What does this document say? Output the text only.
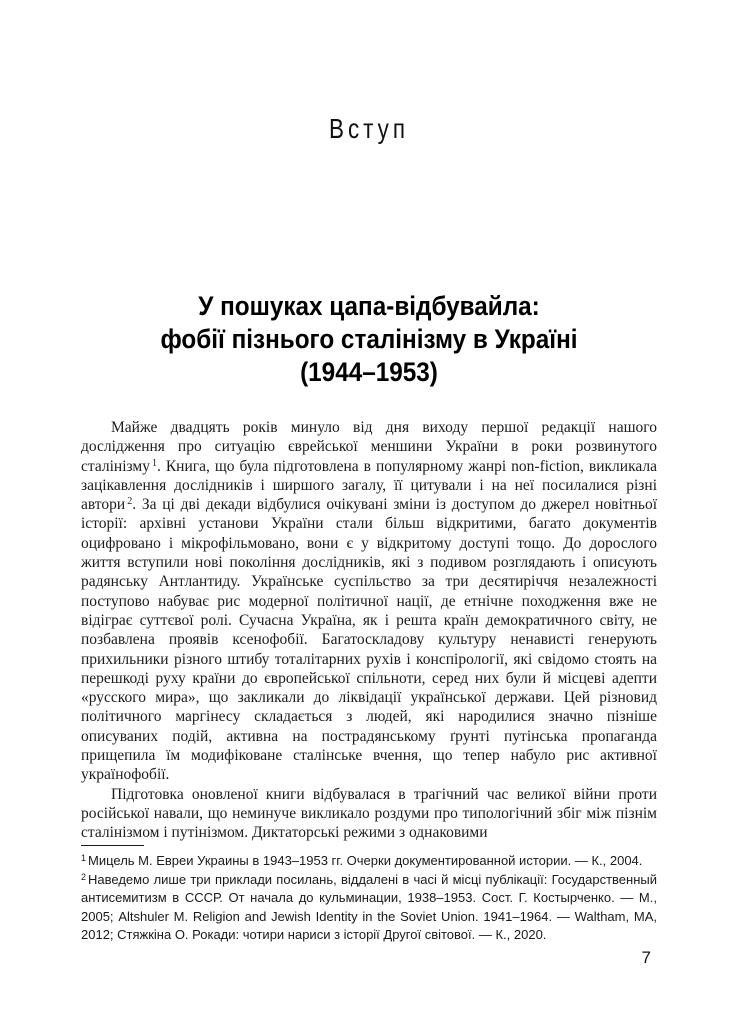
Вступ
У пошуках цапа-відбувайла:
фобії пізнього сталінізму в Україні
(1944–1953)

Майже двадцять років минуло від дня виходу першої редакції нашого дослідження про ситуацію єврейської меншини України в роки розвинутого сталінізму $^1$. Книга, що була підготовлена в популярному жанрі non-fiction, викликала зацікавлення дослідників і ширшого загалу, її цитували і на неї посилалися різні автори $^2$. За ці дві декади відбулися очікувані зміни із доступом до джерел новітньої історії: архівні установи України стали більш відкритими, багато документів оцифровано і мікрофільмовано, вони є у відкритому доступі тощо. До дорослого життя вступили нові покоління дослідників, які з подивом розглядають і описують радянську Антлантиду. Українське суспільство за три десятиріччя незалежності поступово набуває рис модерної політичної нації, де етнічне походження вже не відіграє суттєвої ролі. Сучасна Україна, як і решта країн демократичного світу, не позбавлена проявів ксенофобії. Багатоскладову культуру ненависті генерують прихильники різного штибу тоталітарних рухів і конспірології, які свідомо стоять на перешкоді руху країни до європейської спільноти, серед них були й місцеві адепти «русского мира», що закликали до ліквідації української держави. Цей різновид політичного маргінесу складається з людей, які народилися значно пізніше описуваних подій, активна на пострадянському ґрунті путінська пропаганда прищепила їм модифіковане сталінське вчення, що тепер набуло рис активної українофобії.

Підготовка оновленої книги відбувалася в трагічний час великої війни проти російської навали, що неминуче викликало роздуми про типологічний збіг між пізнім сталінізмом і путінізмом. Диктаторські режими з однаковими

$^1$ Мицель М. Евреи Украины в 1943–1953 гг. Очерки документированной истории. — К., 2004.

$^2$ Наведемо лише три приклади посилань, віддалені в часі й місці публікації: Государственный антисемитизм в СССР. От начала до кульминации, 1938–1953. Сост. Г. Костырченко. — М., 2005; Altshuler M. Religion and Jewish Identity in the Soviet Union. 1941–1964. — Waltham, MA, 2012; Стяжкіна О. Рокади: чотири нариси з історії Другої світової. — К., 2020.

7
